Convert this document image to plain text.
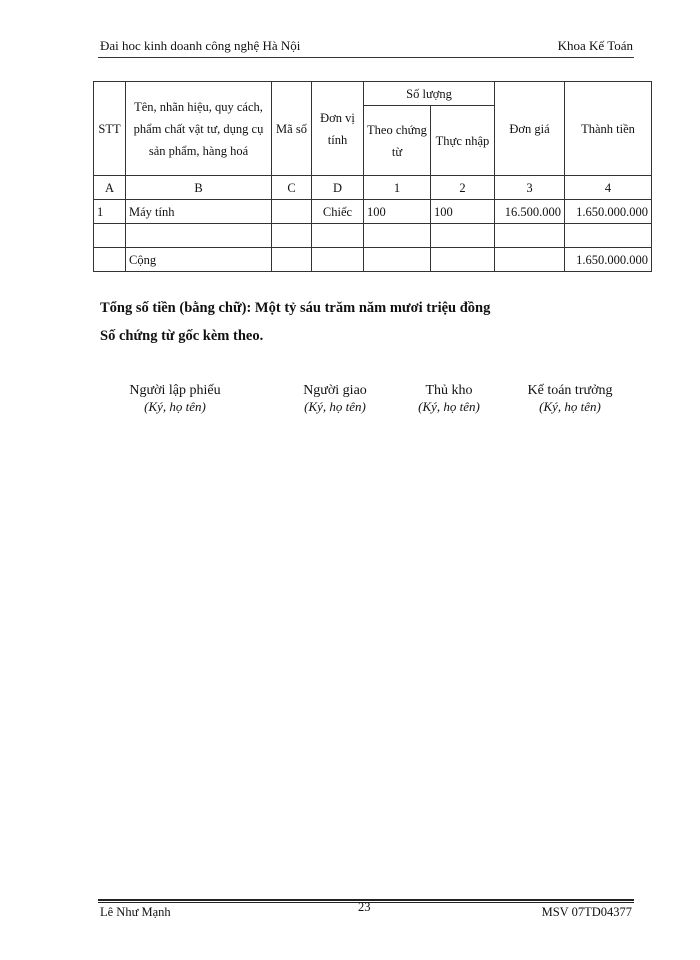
Đai hoc kinh doanh công nghệ Hà Nội	Khoa Kế Toán
STT	Tên, nhãn hiệu, quy cách, phẩm chất vật tư, dụng cụ sản phẩm, hàng hoá	Mã số	Đơn vị tính	Số lượng		Đơn giá	Thành tiền
				Theo chứng từ	Thực nhập		
A	B	C	D	1	2	3	4
1	Máy tính		Chiếc	100	100	16.500.000	1.650.000.000

	Cộng						1.650.000.000
Tổng số tiền (bằng chữ): Một tỷ sáu trăm năm mươi triệu đồng
Số chứng từ gốc kèm theo.
Người lập phiếu
(Ký, họ tên)
Người giao
(Ký, họ tên)
Thủ kho
(Ký, họ tên)
Kế toán trưởng
(Ký, họ tên)
Lê Như Mạnh	23	MSV 07TD04377
